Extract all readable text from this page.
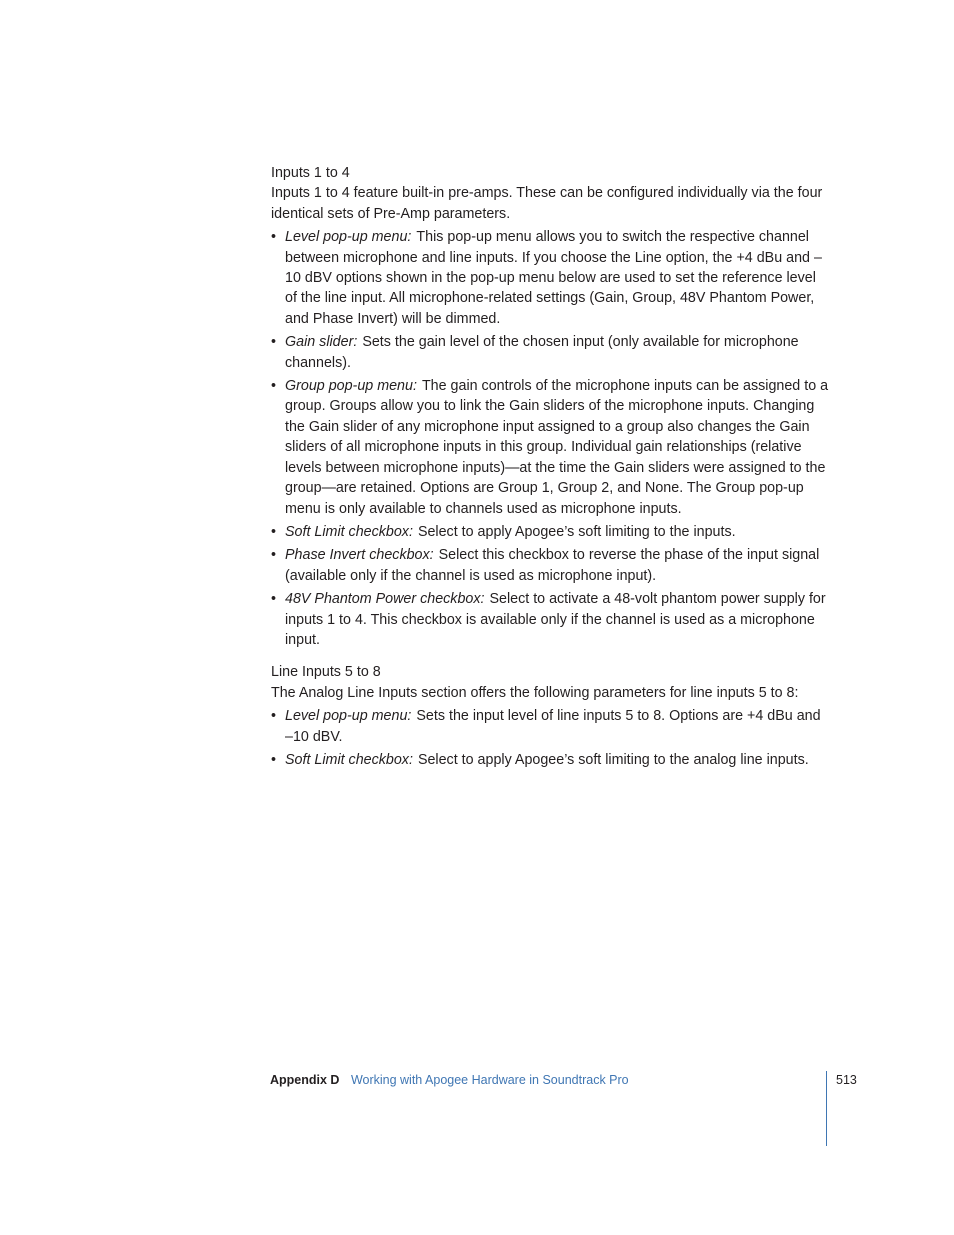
Inputs 1 to 4

Inputs 1 to 4 feature built-in pre-amps. These can be configured individually via the four identical sets of Pre-Amp parameters.

• Level pop-up menu: This pop-up menu allows you to switch the respective channel between microphone and line inputs. If you choose the Line option, the +4 dBu and –10 dBV options shown in the pop-up menu below are used to set the reference level of the line input. All microphone-related settings (Gain, Group, 48V Phantom Power, and Phase Invert) will be dimmed.
• Gain slider: Sets the gain level of the chosen input (only available for microphone channels).
• Group pop-up menu: The gain controls of the microphone inputs can be assigned to a group. Groups allow you to link the Gain sliders of the microphone inputs. Changing the Gain slider of any microphone input assigned to a group also changes the Gain sliders of all microphone inputs in this group. Individual gain relationships (relative levels between microphone inputs)—at the time the Gain sliders were assigned to the group—are retained. Options are Group 1, Group 2, and None. The Group pop-up menu is only available to channels used as microphone inputs.
• Soft Limit checkbox: Select to apply Apogee’s soft limiting to the inputs.
• Phase Invert checkbox: Select this checkbox to reverse the phase of the input signal (available only if the channel is used as microphone input).
• 48V Phantom Power checkbox: Select to activate a 48-volt phantom power supply for inputs 1 to 4. This checkbox is available only if the channel is used as a microphone input.
Line Inputs 5 to 8

The Analog Line Inputs section offers the following parameters for line inputs 5 to 8:

• Level pop-up menu: Sets the input level of line inputs 5 to 8. Options are +4 dBu and –10 dBV.
• Soft Limit checkbox: Select to apply Apogee’s soft limiting to the analog line inputs.
Appendix D Working with Apogee Hardware in Soundtrack Pro	513
